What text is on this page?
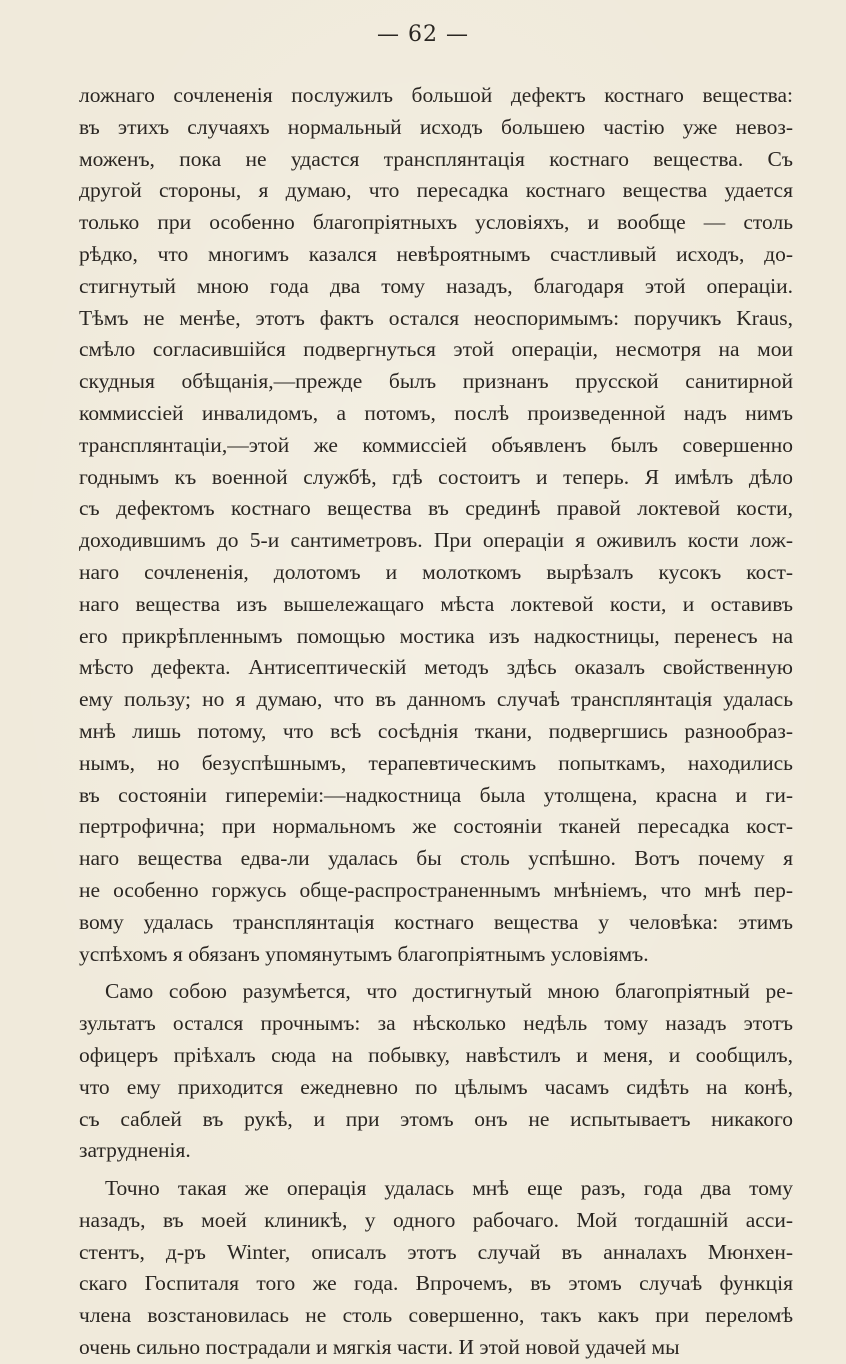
— 62 —
ложнаго сочлененія послужилъ большой дефектъ костнаго вещества:
въ этихъ случаяхъ нормальный исходъ большею частію уже невоз-
моженъ, пока не удастся трансплянтація костнаго вещества. Съ
другой стороны, я думаю, что пересадка костнаго вещества удается
только при особенно благопріятныхъ условіяхъ, и вообще — столь
рѣдко, что многимъ казался невѣроятнымъ счастливый исходъ, до-
стигнутый мною года два тому назадъ, благодаря этой операціи.
Тѣмъ не менѣе, этотъ фактъ остался неоспоримымъ: поручикъ Kraus,
смѣло согласившійся подвергнуться этой операціи, несмотря на мои
скудныя обѣщанія,—прежде былъ признанъ прусской санитирной
коммиссіей инвалидомъ, а потомъ, послѣ произведенной надъ нимъ
трансплянтаціи,—этой же коммиссіей объявленъ былъ совершенно
годнымъ къ военной службѣ, гдѣ состоитъ и теперь. Я имѣлъ дѣло
съ дефектомъ костнаго вещества въ срединѣ правой локтевой кости,
доходившимъ до 5-и сантиметровъ. При операціи я оживилъ кости лож-
наго сочлененія, долотомъ и молоткомъ вырѣзалъ кусокъ кост-
наго вещества изъ вышележащаго мѣста локтевой кости, и оставивъ
его прикрѣпленнымъ помощью мостика изъ надкостницы, перенесъ на
мѣсто дефекта. Антисептическій методъ здѣсь оказалъ свойственную
ему пользу; но я думаю, что въ данномъ случаѣ трансплянтація удалась
мнѣ лишь потому, что всѣ сосѣднія ткани, подвергшись разнообраз-
нымъ, но безуспѣшнымъ, терапевтическимъ попыткамъ, находились
въ состояніи гипереміи:—надкостница была утолщена, красна и ги-
пертрофична; при нормальномъ же состояніи тканей пересадка кост-
наго вещества едва-ли удалась бы столь успѣшно. Вотъ почему я
не особенно горжусь обще-распространеннымъ мнѣніемъ, что мнѣ пер-
вому удалась трансплянтація костнаго вещества у человѣка: этимъ
успѣхомъ я обязанъ упомянутымъ благопріятнымъ условіямъ.
Само собою разумѣется, что достигнутый мною благопріятный ре-
зультатъ остался прочнымъ: за нѣсколько недѣль тому назадъ этотъ
офицеръ пріѣхалъ сюда на побывку, навѣстилъ и меня, и сообщилъ,
что ему приходится ежедневно по цѣлымъ часамъ сидѣть на конѣ,
съ саблей въ рукѣ, и при этомъ онъ не испытываетъ никакого
затрудненія.
Точно такая же операція удалась мнѣ еще разъ, года два тому
назадъ, въ моей клиникѣ, у одного рабочаго. Мой тогдашній асси-
стентъ, д-ръ Winter, описалъ этотъ случай въ анналахъ Мюнхен-
скаго Госпиталя того же года. Впрочемъ, въ этомъ случаѣ функція
члена возстановилась не столь совершенно, такъ какъ при переломѣ
очень сильно пострадали и мягкія части. И этой новой удачей мы
